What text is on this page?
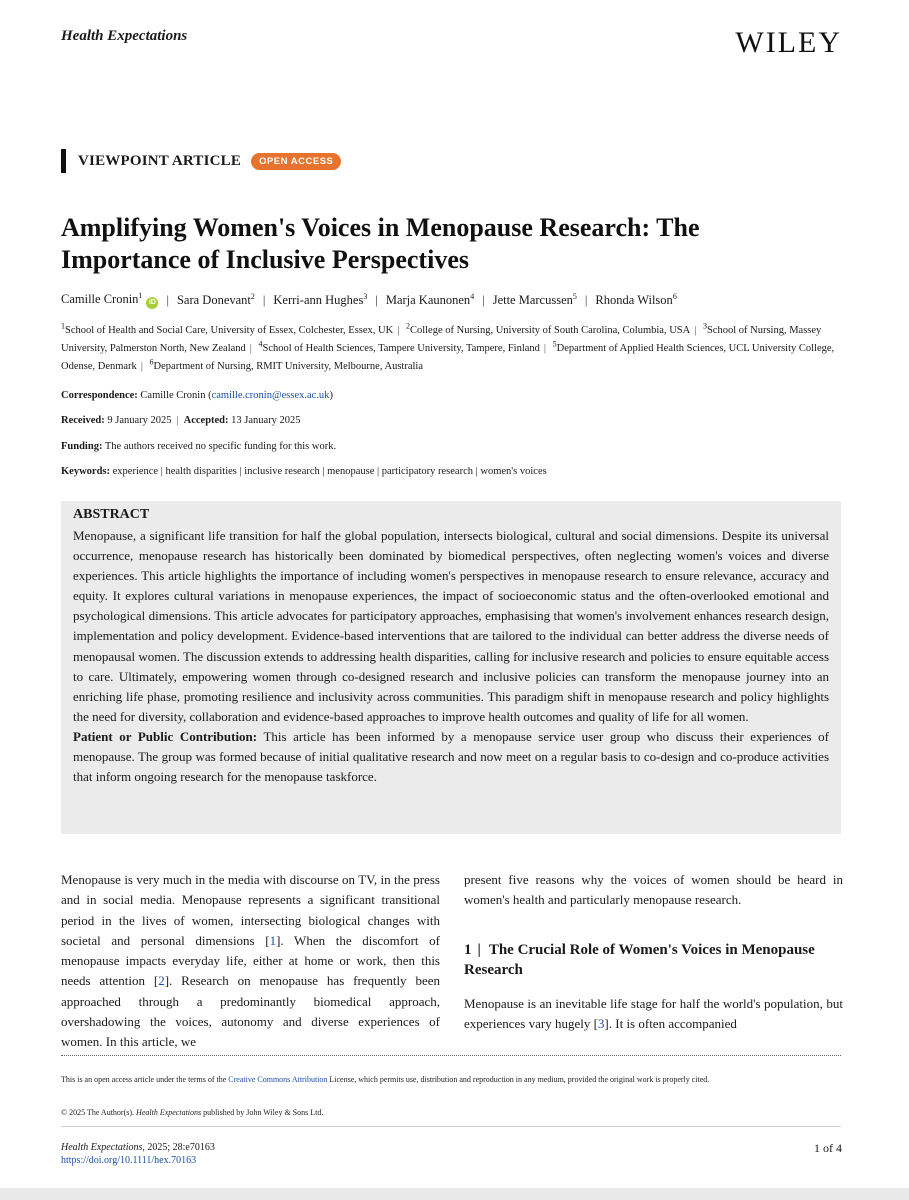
Health Expectations	WILEY
VIEWPOINT ARTICLE	OPEN ACCESS
Amplifying Women's Voices in Menopause Research: The
Importance of Inclusive Perspectives
Camille Cronin$^1$iD | Sara Donevant$^2$ | Kerri-ann Hughes$^3$ | Marja Kaunonen$^4$ | Jette Marcussen$^5$ | Rhonda Wilson$^6$
$^1$School of Health and Social Care, University of Essex, Colchester, Essex, UK | $^2$College of Nursing, University of South Carolina, Columbia, USA | $^3$School of Nursing, Massey University, Palmerston North, New Zealand | $^4$School of Health Sciences, Tampere University, Tampere, Finland | $^5$Department of Applied Health Sciences, UCL University College, Odense, Denmark | $^6$Department of Nursing, RMIT University, Melbourne, Australia
Correspondence: Camille Cronin (camille.cronin@essex.ac.uk)
Received: 9 January 2025 | Accepted: 13 January 2025
Funding: The authors received no specific funding for this work.
Keywords: experience | health disparities | inclusive research | menopause | participatory research | women's voices
ABSTRACT

Menopause, a significant life transition for half the global population, intersects biological, cultural and social dimensions. Despite its universal occurrence, menopause research has historically been dominated by biomedical perspectives, often neglecting women's voices and diverse experiences. This article highlights the importance of including women's perspectives in menopause research to ensure relevance, accuracy and equity. It explores cultural variations in menopause experiences, the impact of socioeconomic status and the often-overlooked emotional and psychological dimensions. This article advocates for participatory approaches, emphasising that women's involvement enhances research design, implementation and policy development. Evidence-based interventions that are tailored to the individual can better address the diverse needs of menopausal women. The discussion extends to addressing health disparities, calling for inclusive research and policies to ensure equitable access to care. Ultimately, empowering women through co-designed research and inclusive policies can transform the menopause journey into an enriching life phase, promoting resilience and inclusivity across communities. This paradigm shift in menopause research and policy highlights the need for diversity, collaboration and evidence-based approaches to improve health outcomes and quality of life for all women.

Patient or Public Contribution: This article has been informed by a menopause service user group who discuss their experiences of menopause. The group was formed because of initial qualitative research and now meet on a regular basis to co-design and co-produce activities that inform ongoing research for the menopause taskforce.

Menopause is very much in the media with discourse on TV, in the press and in social media. Menopause represents a significant transitional period in the lives of women, intersecting biological changes with societal and personal dimensions [1]. When the discomfort of menopause impacts everyday life, either at home or work, then this needs attention [2]. Research on menopause has frequently been approached through a predominantly biomedical approach, overshadowing the voices, autonomy and diverse experiences of women. In this article, we

present five reasons why the voices of women should be heard in women's health and particularly menopause research.

1 | The Crucial Role of Women's Voices in Menopause Research

Menopause is an inevitable life stage for half the world's population, but experiences vary hugely [3]. It is often accompanied

This is an open access article under the terms of the Creative Commons Attribution License, which permits use, distribution and reproduction in any medium, provided the original work is properly cited.

© 2025 The Author(s). Health Expectations published by John Wiley & Sons Ltd.

Health Expectations, 2025; 28:e70163
https://doi.org/10.1111/hex.70163
1 of 4
